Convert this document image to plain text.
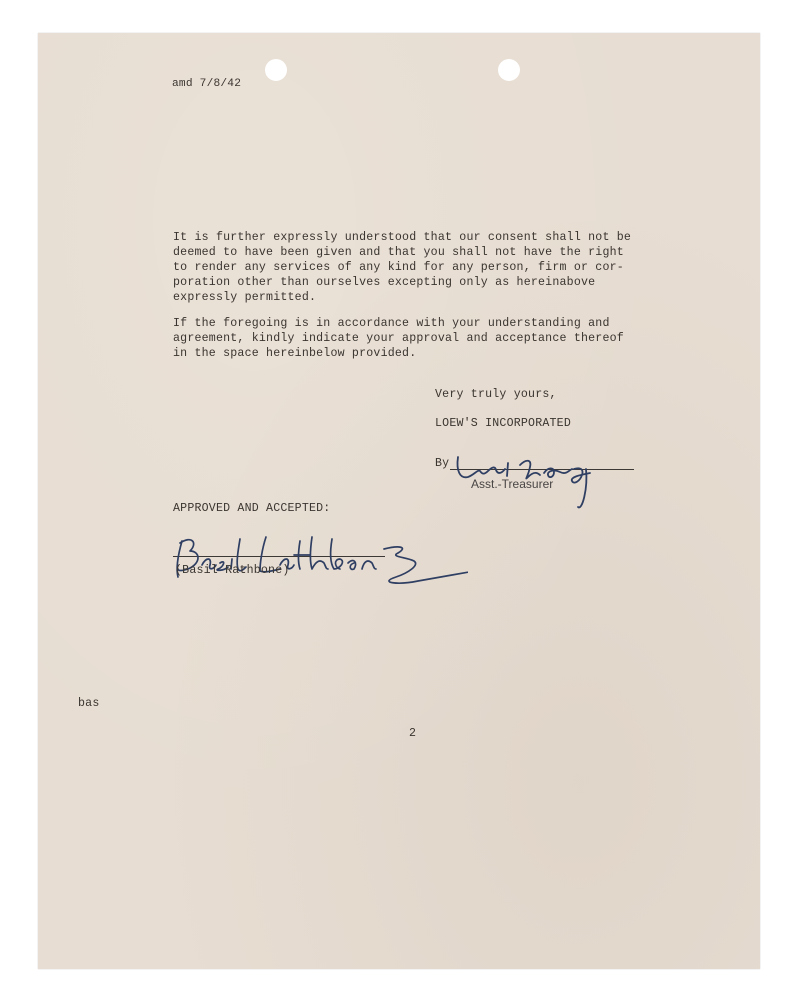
amd 7/8/42
It is further expressly understood that our consent shall not be
deemed to have been given and that you shall not have the right
to render any services of any kind for any person, firm or cor-
poration other than ourselves excepting only as hereinabove
expressly permitted.
If the foregoing is in accordance with your understanding and
agreement, kindly indicate your approval and acceptance thereof
in the space hereinbelow provided.
Very truly yours,
LOEW'S INCORPORATED
By
Asst.-Treasurer
APPROVED AND ACCEPTED:
(Basil Rathbone)
bas
2
